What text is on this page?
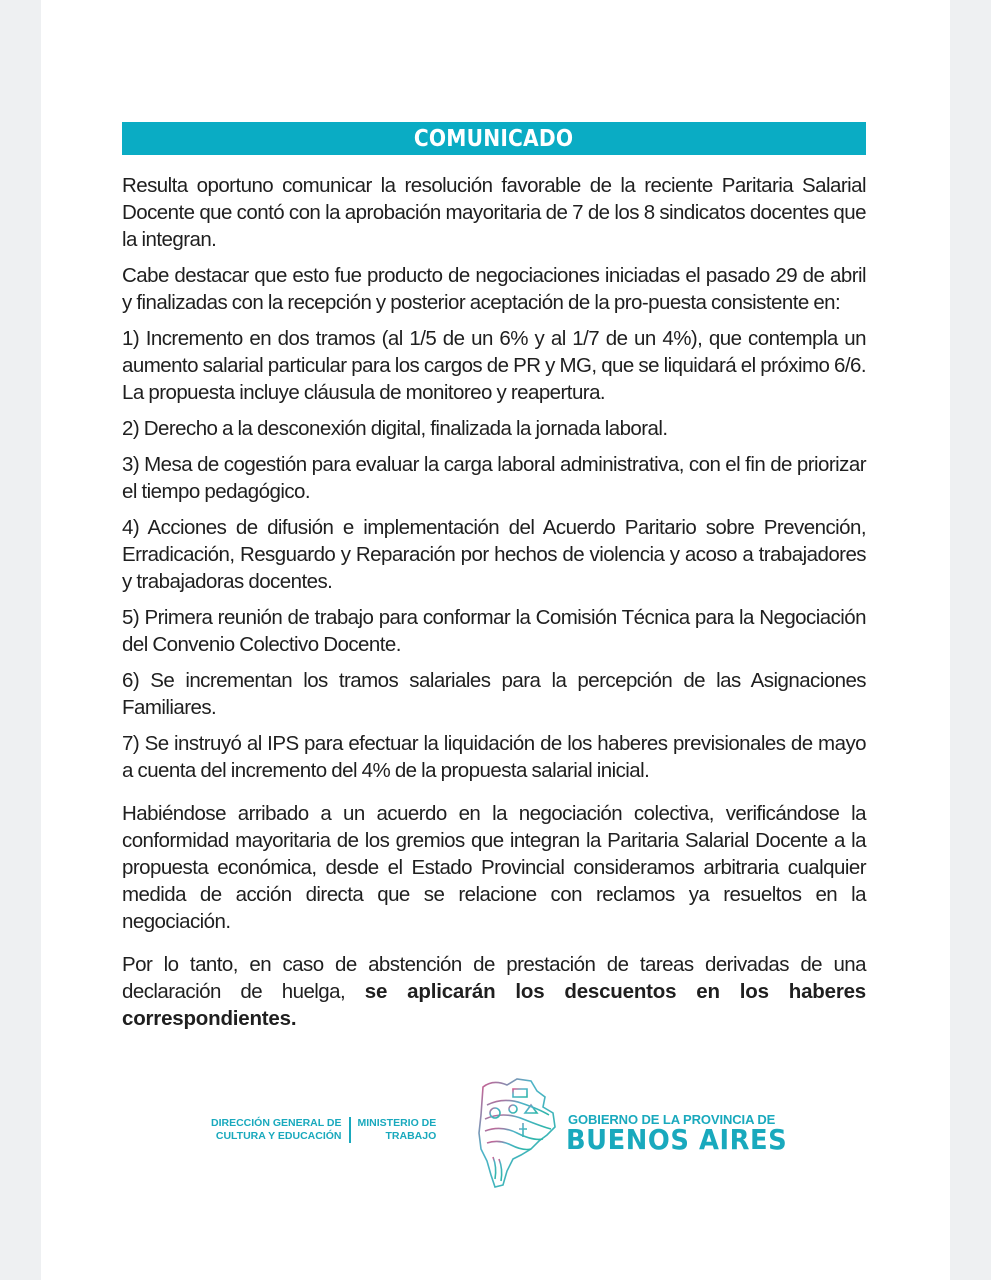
COMUNICADO

Resulta oportuno comunicar la resolución favorable de la reciente Paritaria Salarial Docente que contó con la aprobación mayoritaria de 7 de los 8 sindicatos docentes que la integran.

Cabe destacar que esto fue producto de negociaciones iniciadas el pasado 29 de abril y finalizadas con la recepción y posterior aceptación de la pro-puesta consistente en:

1) Incremento en dos tramos (al 1/5 de un 6% y al 1/7 de un 4%), que contempla un aumento salarial particular para los cargos de PR y MG, que se liquidará el próximo 6/6. La propuesta incluye cláusula de monitoreo y reapertura.

2) Derecho a la desconexión digital, finalizada la jornada laboral.

3) Mesa de cogestión para evaluar la carga laboral administrativa, con el fin de priorizar el tiempo pedagógico.

4) Acciones de difusión e implementación del Acuerdo Paritario sobre Prevención, Erradicación, Resguardo y Reparación por hechos de violencia y acoso a trabajadores y trabajadoras docentes.

5) Primera reunión de trabajo para conformar la Comisión Técnica para la Negociación del Convenio Colectivo Docente.

6) Se incrementan los tramos salariales para la percepción de las Asignaciones Familiares.

7) Se instruyó al IPS para efectuar la liquidación de los haberes previsionales de mayo a cuenta del incremento del 4% de la propuesta salarial inicial.

Habiéndose arribado a un acuerdo en la negociación colectiva, verificándose la conformidad mayoritaria de los gremios que integran la Paritaria Salarial Docente a la propuesta económica, desde el Estado Provincial consideramos arbitraria cualquier medida de acción directa que se relacione con reclamos ya resueltos en la negociación.

Por lo tanto, en caso de abstención de prestación de tareas derivadas de una declaración de huelga, se aplicarán los descuentos en los haberes correspondientes.

DIRECCIÓN GENERAL DE
CULTURA Y EDUCACIÓN
MINISTERIO DE
TRABAJO
GOBIERNO DE LA PROVINCIA DE
BUENOS AIRES
